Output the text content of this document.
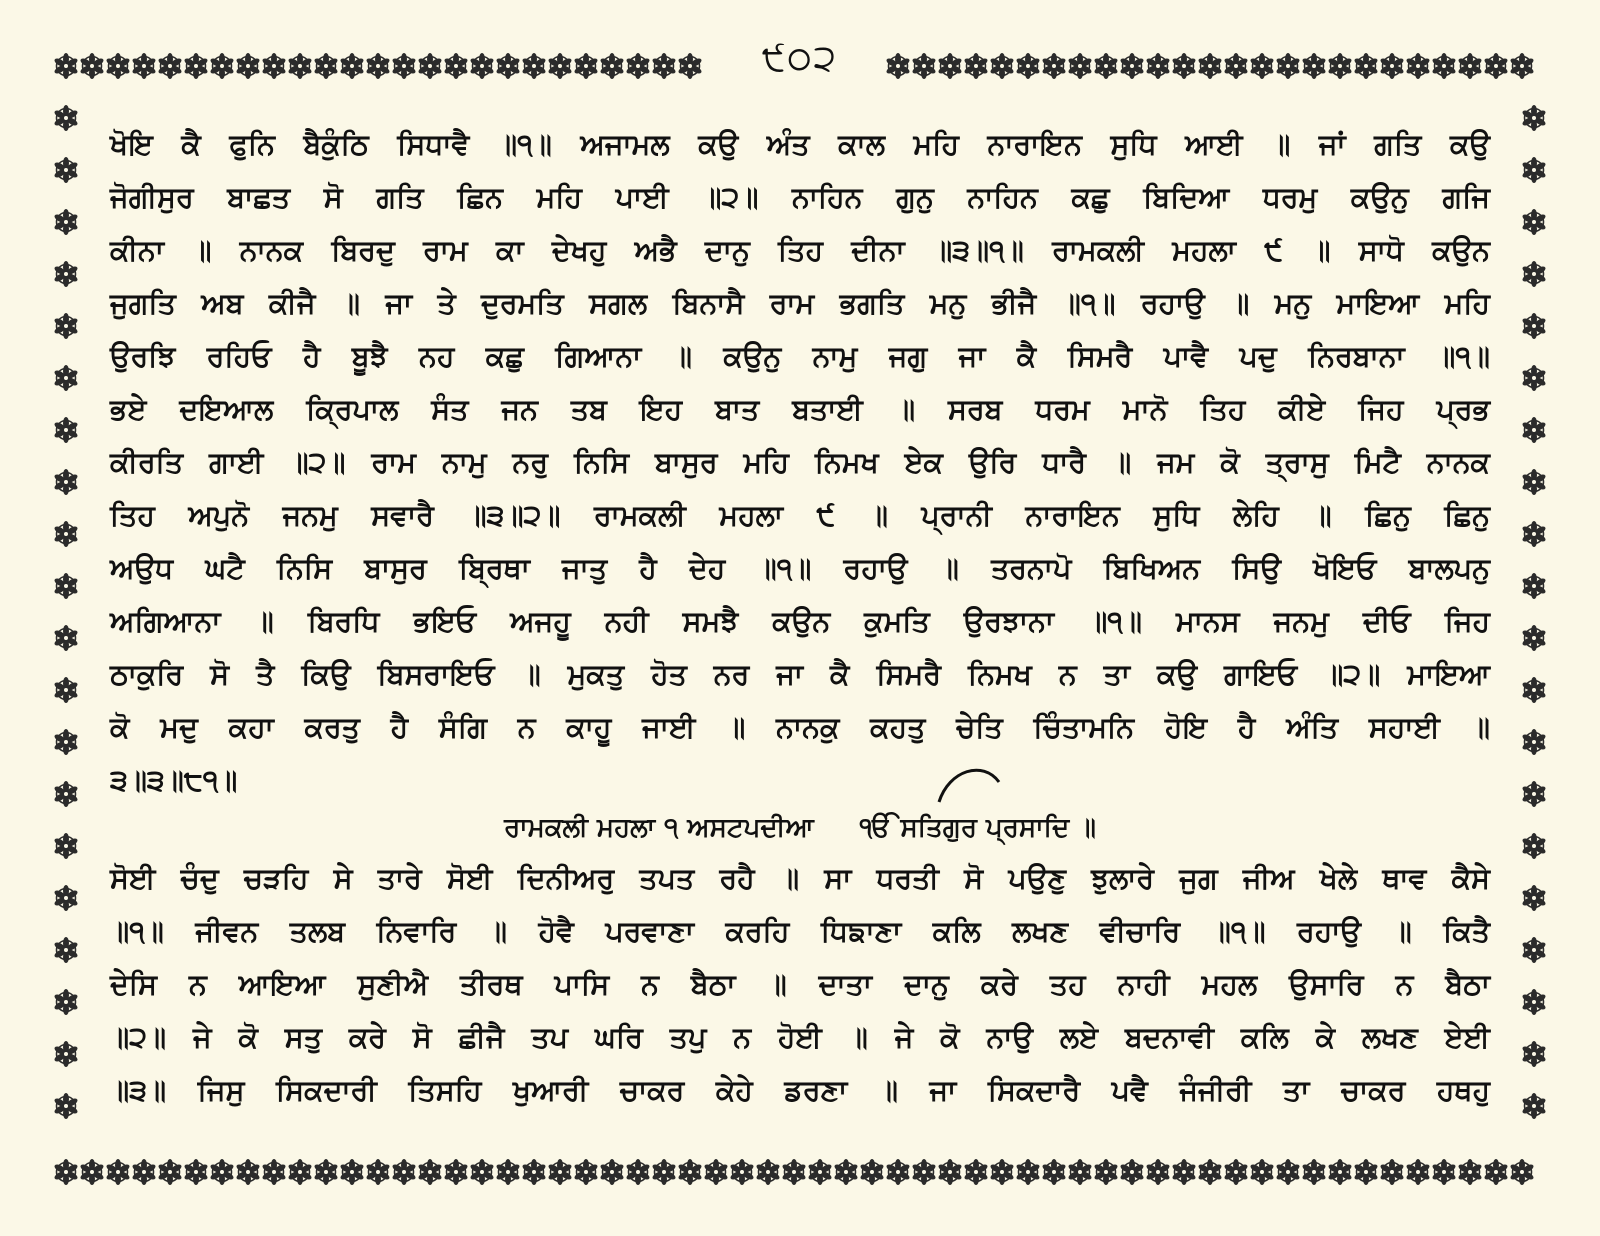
੯੦੨
ਖੋਇ ਕੈ ਫੁਨਿ ਬੈਕੁੰਠਿ ਸਿਧਾਵੈ ॥੧॥ ਅਜਾਮਲ ਕਉ ਅੰਤ ਕਾਲ ਮਹਿ ਨਾਰਾਇਨ ਸੁਧਿ ਆਈ ॥ ਜਾਂ ਗਤਿ ਕਉ
ਜੋਗੀਸੁਰ ਬਾਛਤ ਸੋ ਗਤਿ ਛਿਨ ਮਹਿ ਪਾਈ ॥੨॥ ਨਾਹਿਨ ਗੁਨੁ ਨਾਹਿਨ ਕਛੁ ਬਿਦਿਆ ਧਰਮੁ ਕਉਨੁ ਗਜਿ
ਕੀਨਾ ॥ ਨਾਨਕ ਬਿਰਦੁ ਰਾਮ ਕਾ ਦੇਖਹੁ ਅਭੈ ਦਾਨੁ ਤਿਹ ਦੀਨਾ ॥੩॥੧॥ ਰਾਮਕਲੀ ਮਹਲਾ ੯ ॥ ਸਾਧੋ ਕਉਨ
ਜੁਗਤਿ ਅਬ ਕੀਜੈ ॥ ਜਾ ਤੇ ਦੁਰਮਤਿ ਸਗਲ ਬਿਨਾਸੈ ਰਾਮ ਭਗਤਿ ਮਨੁ ਭੀਜੈ ॥੧॥ ਰਹਾਉ ॥ ਮਨੁ ਮਾਇਆ ਮਹਿ
ਉਰਝਿ ਰਹਿਓ ਹੈ ਬੂਝੈ ਨਹ ਕਛੁ ਗਿਆਨਾ ॥ ਕਉਨੁ ਨਾਮੁ ਜਗੁ ਜਾ ਕੈ ਸਿਮਰੈ ਪਾਵੈ ਪਦੁ ਨਿਰਬਾਨਾ ॥੧॥
ਭਏ ਦਇਆਲ ਕ੍ਰਿਪਾਲ ਸੰਤ ਜਨ ਤਬ ਇਹ ਬਾਤ ਬਤਾਈ ॥ ਸਰਬ ਧਰਮ ਮਾਨੋ ਤਿਹ ਕੀਏ ਜਿਹ ਪ੍ਰਭ
ਕੀਰਤਿ ਗਾਈ ॥੨॥ ਰਾਮ ਨਾਮੁ ਨਰੁ ਨਿਸਿ ਬਾਸੁਰ ਮਹਿ ਨਿਮਖ ਏਕ ਉਰਿ ਧਾਰੈ ॥ ਜਮ ਕੋ ਤ੍ਰਾਸੁ ਮਿਟੈ ਨਾਨਕ
ਤਿਹ ਅਪੁਨੋ ਜਨਮੁ ਸਵਾਰੈ ॥੩॥੨॥ ਰਾਮਕਲੀ ਮਹਲਾ ੯ ॥ ਪ੍ਰਾਨੀ ਨਾਰਾਇਨ ਸੁਧਿ ਲੇਹਿ ॥ ਛਿਨੁ ਛਿਨੁ
ਅਉਧ ਘਟੈ ਨਿਸਿ ਬਾਸੁਰ ਬ੍ਰਿਥਾ ਜਾਤੁ ਹੈ ਦੇਹ ॥੧॥ ਰਹਾਉ ॥ ਤਰਨਾਪੋ ਬਿਖਿਅਨ ਸਿਉ ਖੋਇਓ ਬਾਲਪਨੁ
ਅਗਿਆਨਾ ॥ ਬਿਰਧਿ ਭਇਓ ਅਜਹੂ ਨਹੀ ਸਮਝੈ ਕਉਨ ਕੁਮਤਿ ਉਰਝਾਨਾ ॥੧॥ ਮਾਨਸ ਜਨਮੁ ਦੀਓ ਜਿਹ
ਠਾਕੁਰਿ ਸੋ ਤੈ ਕਿਉ ਬਿਸਰਾਇਓ ॥ ਮੁਕਤੁ ਹੋਤ ਨਰ ਜਾ ਕੈ ਸਿਮਰੈ ਨਿਮਖ ਨ ਤਾ ਕਉ ਗਾਇਓ ॥੨॥ ਮਾਇਆ
ਕੋ ਮਦੁ ਕਹਾ ਕਰਤੁ ਹੈ ਸੰਗਿ ਨ ਕਾਹੂ ਜਾਈ ॥ ਨਾਨਕੁ ਕਹਤੁ ਚੇਤਿ ਚਿੰਤਾਮਨਿ ਹੋਇ ਹੈ ਅੰਤਿ ਸਹਾਈ ॥
੩॥੩॥੮੧॥
ਰਾਮਕਲੀ ਮਹਲਾ ੧ ਅਸਟਪਦੀਆ ੴ ਸਤਿਗੁਰ ਪ੍ਰਸਾਦਿ ॥
ਸੋਈ ਚੰਦੁ ਚੜਹਿ ਸੇ ਤਾਰੇ ਸੋਈ ਦਿਨੀਅਰੁ ਤਪਤ ਰਹੈ ॥ ਸਾ ਧਰਤੀ ਸੋ ਪਉਣੁ ਝੁਲਾਰੇ ਜੁਗ ਜੀਅ ਖੇਲੇ ਥਾਵ ਕੈਸੇ
॥੧॥ ਜੀਵਨ ਤਲਬ ਨਿਵਾਰਿ ॥ ਹੋਵੈ ਪਰਵਾਣਾ ਕਰਹਿ ਧਿਙਾਣਾ ਕਲਿ ਲਖਣ ਵੀਚਾਰਿ ॥੧॥ ਰਹਾਉ ॥ ਕਿਤੈ
ਦੇਸਿ ਨ ਆਇਆ ਸੁਣੀਐ ਤੀਰਥ ਪਾਸਿ ਨ ਬੈਠਾ ॥ ਦਾਤਾ ਦਾਨੁ ਕਰੇ ਤਹ ਨਾਹੀ ਮਹਲ ਉਸਾਰਿ ਨ ਬੈਠਾ
॥੨॥ ਜੇ ਕੋ ਸਤੁ ਕਰੇ ਸੋ ਛੀਜੈ ਤਪ ਘਰਿ ਤਪੁ ਨ ਹੋਈ ॥ ਜੇ ਕੋ ਨਾਉ ਲਏ ਬਦਨਾਵੀ ਕਲਿ ਕੇ ਲਖਣ ਏਈ
॥੩॥ ਜਿਸੁ ਸਿਕਦਾਰੀ ਤਿਸਹਿ ਖੁਆਰੀ ਚਾਕਰ ਕੇਹੇ ਡਰਣਾ ॥ ਜਾ ਸਿਕਦਾਰੈ ਪਵੈ ਜੰਜੀਰੀ ਤਾ ਚਾਕਰ ਹਥਹੁ
